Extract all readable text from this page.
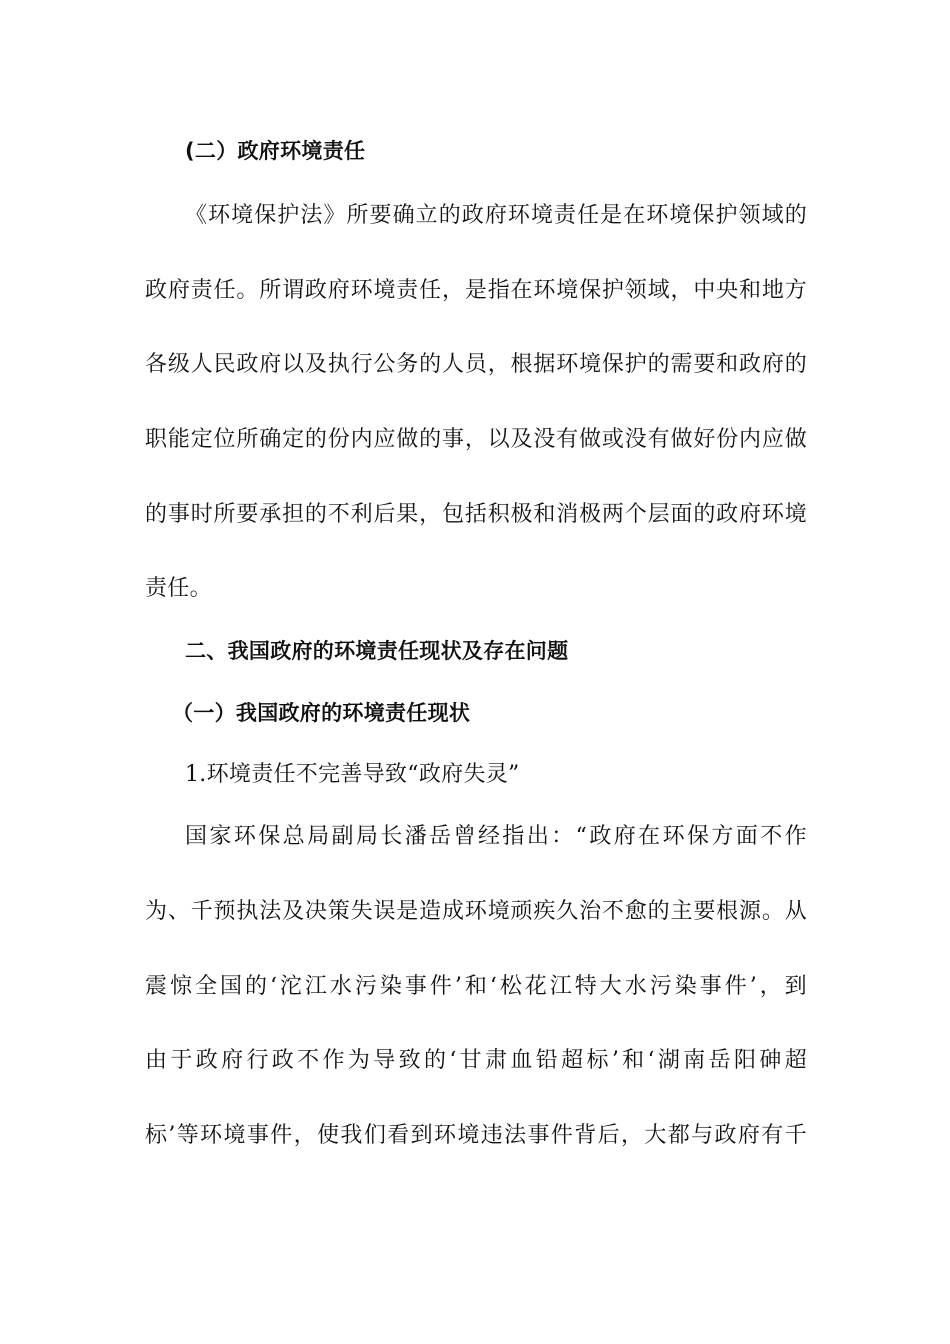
(二）政府环境责任
《环境保护法》所要确立的政府环境责任是在环境保护领域的
政府责任。所谓政府环境责任，是指在环境保护领域，中央和地方
各级人民政府以及执行公务的人员，根据环境保护的需要和政府的
职能定位所确定的份内应做的事，以及没有做或没有做好份内应做
的事时所要承担的不利后果，包括积极和消极两个层面的政府环境
责任。
二、我国政府的环境责任现状及存在问题
（一）我国政府的环境责任现状
1.环境责任不完善导致“政府失灵”
国家环保总局副局长潘岳曾经指出：“政府在环保方面不作
为、千预执法及决策失误是造成环境顽疾久治不愈的主要根源。从
震惊全国的‘沱江水污染事件’和‘松花江特大水污染事件’，到
由于政府行政不作为导致的‘甘肃血铅超标’和‘湖南岳阳砷超
标’等环境事件，使我们看到环境违法事件背后，大都与政府有千
